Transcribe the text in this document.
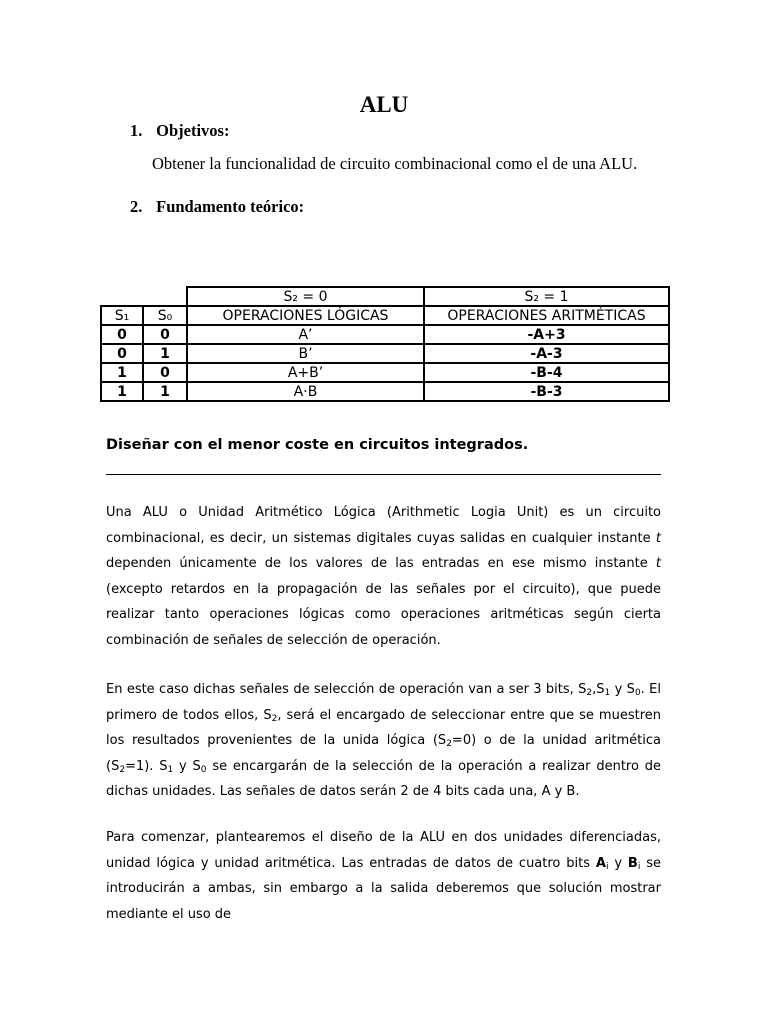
ALU
1. Objetivos:
Obtener la funcionalidad de circuito combinacional como el de una ALU.
2. Fundamento teórico:
		S₂ = 0	S₂ = 1
S₁	S₀	OPERACIONES LÓGICAS	OPERACIONES ARITMÉTICAS
0	0	A’	-A+3
0	1	B’	-A-3
1	0	A+B’	-B-4
1	1	A·B	-B-3
Diseñar con el menor coste en circuitos integrados.
Una ALU o Unidad Aritmético Lógica (Arithmetic Logia Unit) es un circuito combinacional, es decir, un sistemas digitales cuyas salidas en cualquier instante t dependen únicamente de los valores de las entradas en ese mismo instante t (excepto retardos en la propagación de las señales por el circuito), que puede realizar tanto operaciones lógicas como operaciones aritméticas según cierta combinación de señales de selección de operación.
En este caso dichas señales de selección de operación van a ser 3 bits, $S_2,S_1$ y $S_0$. El primero de todos ellos, $S_2$, será el encargado de seleccionar entre que se muestren los resultados provenientes de la unida lógica $(S_2=0)$ o de la unidad aritmética $(S_2=1)$. $S_1$ y $S_0$ se encargarán de la selección de la operación a realizar dentro de dichas unidades. Las señales de datos serán 2 de 4 bits cada una, A y B.
Para comenzar, plantearemos el diseño de la ALU en dos unidades diferenciadas, unidad lógica y unidad aritmética. Las entradas de datos de cuatro bits $A_i$ y $B_i$ se introducirán a ambas, sin embargo a la salida deberemos que solución mostrar mediante el uso de
